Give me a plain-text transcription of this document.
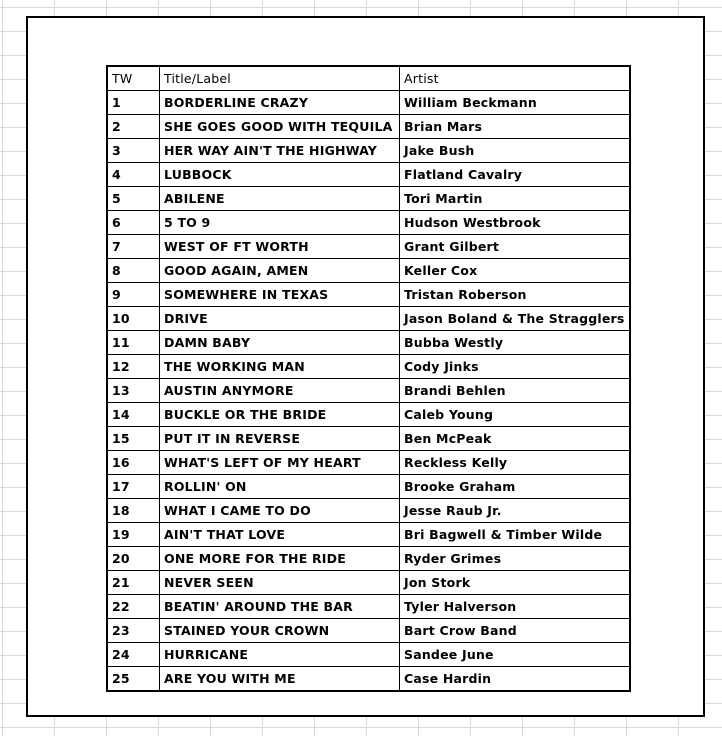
TW	Title/Label	Artist
1	BORDERLINE CRAZY	William Beckmann
2	SHE GOES GOOD WITH TEQUILA	Brian Mars
3	HER WAY AIN'T THE HIGHWAY	Jake Bush
4	LUBBOCK	Flatland Cavalry
5	ABILENE	Tori Martin
6	5 TO 9	Hudson Westbrook
7	WEST OF FT WORTH	Grant Gilbert
8	GOOD AGAIN, AMEN	Keller Cox
9	SOMEWHERE IN TEXAS	Tristan Roberson
10	DRIVE	Jason Boland & The Stragglers
11	DAMN BABY	Bubba Westly
12	THE WORKING MAN	Cody Jinks
13	AUSTIN ANYMORE	Brandi Behlen
14	BUCKLE OR THE BRIDE	Caleb Young
15	PUT IT IN REVERSE	Ben McPeak
16	WHAT'S LEFT OF MY HEART	Reckless Kelly
17	ROLLIN' ON	Brooke Graham
18	WHAT I CAME TO DO	Jesse Raub Jr.
19	AIN'T THAT LOVE	Bri Bagwell & Timber Wilde
20	ONE MORE FOR THE RIDE	Ryder Grimes
21	NEVER SEEN	Jon Stork
22	BEATIN' AROUND THE BAR	Tyler Halverson
23	STAINED YOUR CROWN	Bart Crow Band
24	HURRICANE	Sandee June
25	ARE YOU WITH ME	Case Hardin
